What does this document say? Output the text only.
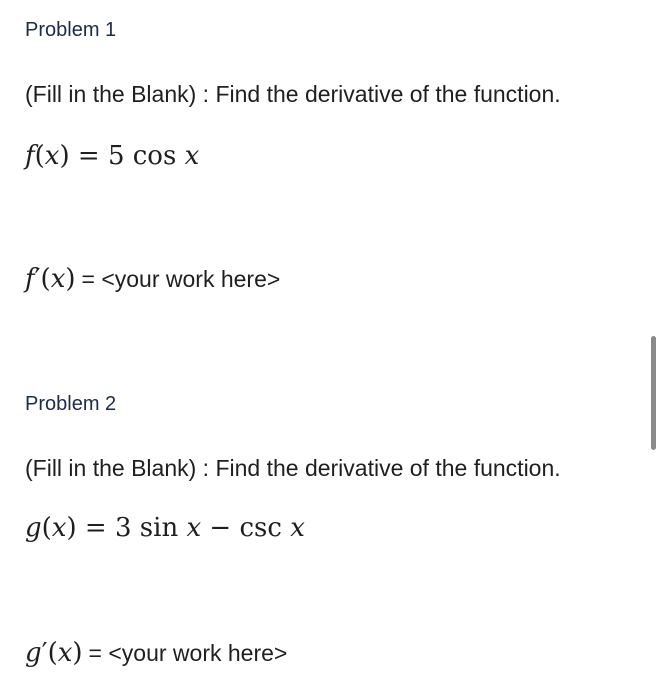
Problem 1
(Fill in the Blank) : Find the derivative of the function.
f(x) = 5 cos x
f′(x) = <your work here>
Problem 2
(Fill in the Blank) : Find the derivative of the function.
g(x) = 3 sin x − csc x
g′(x) = <your work here>
